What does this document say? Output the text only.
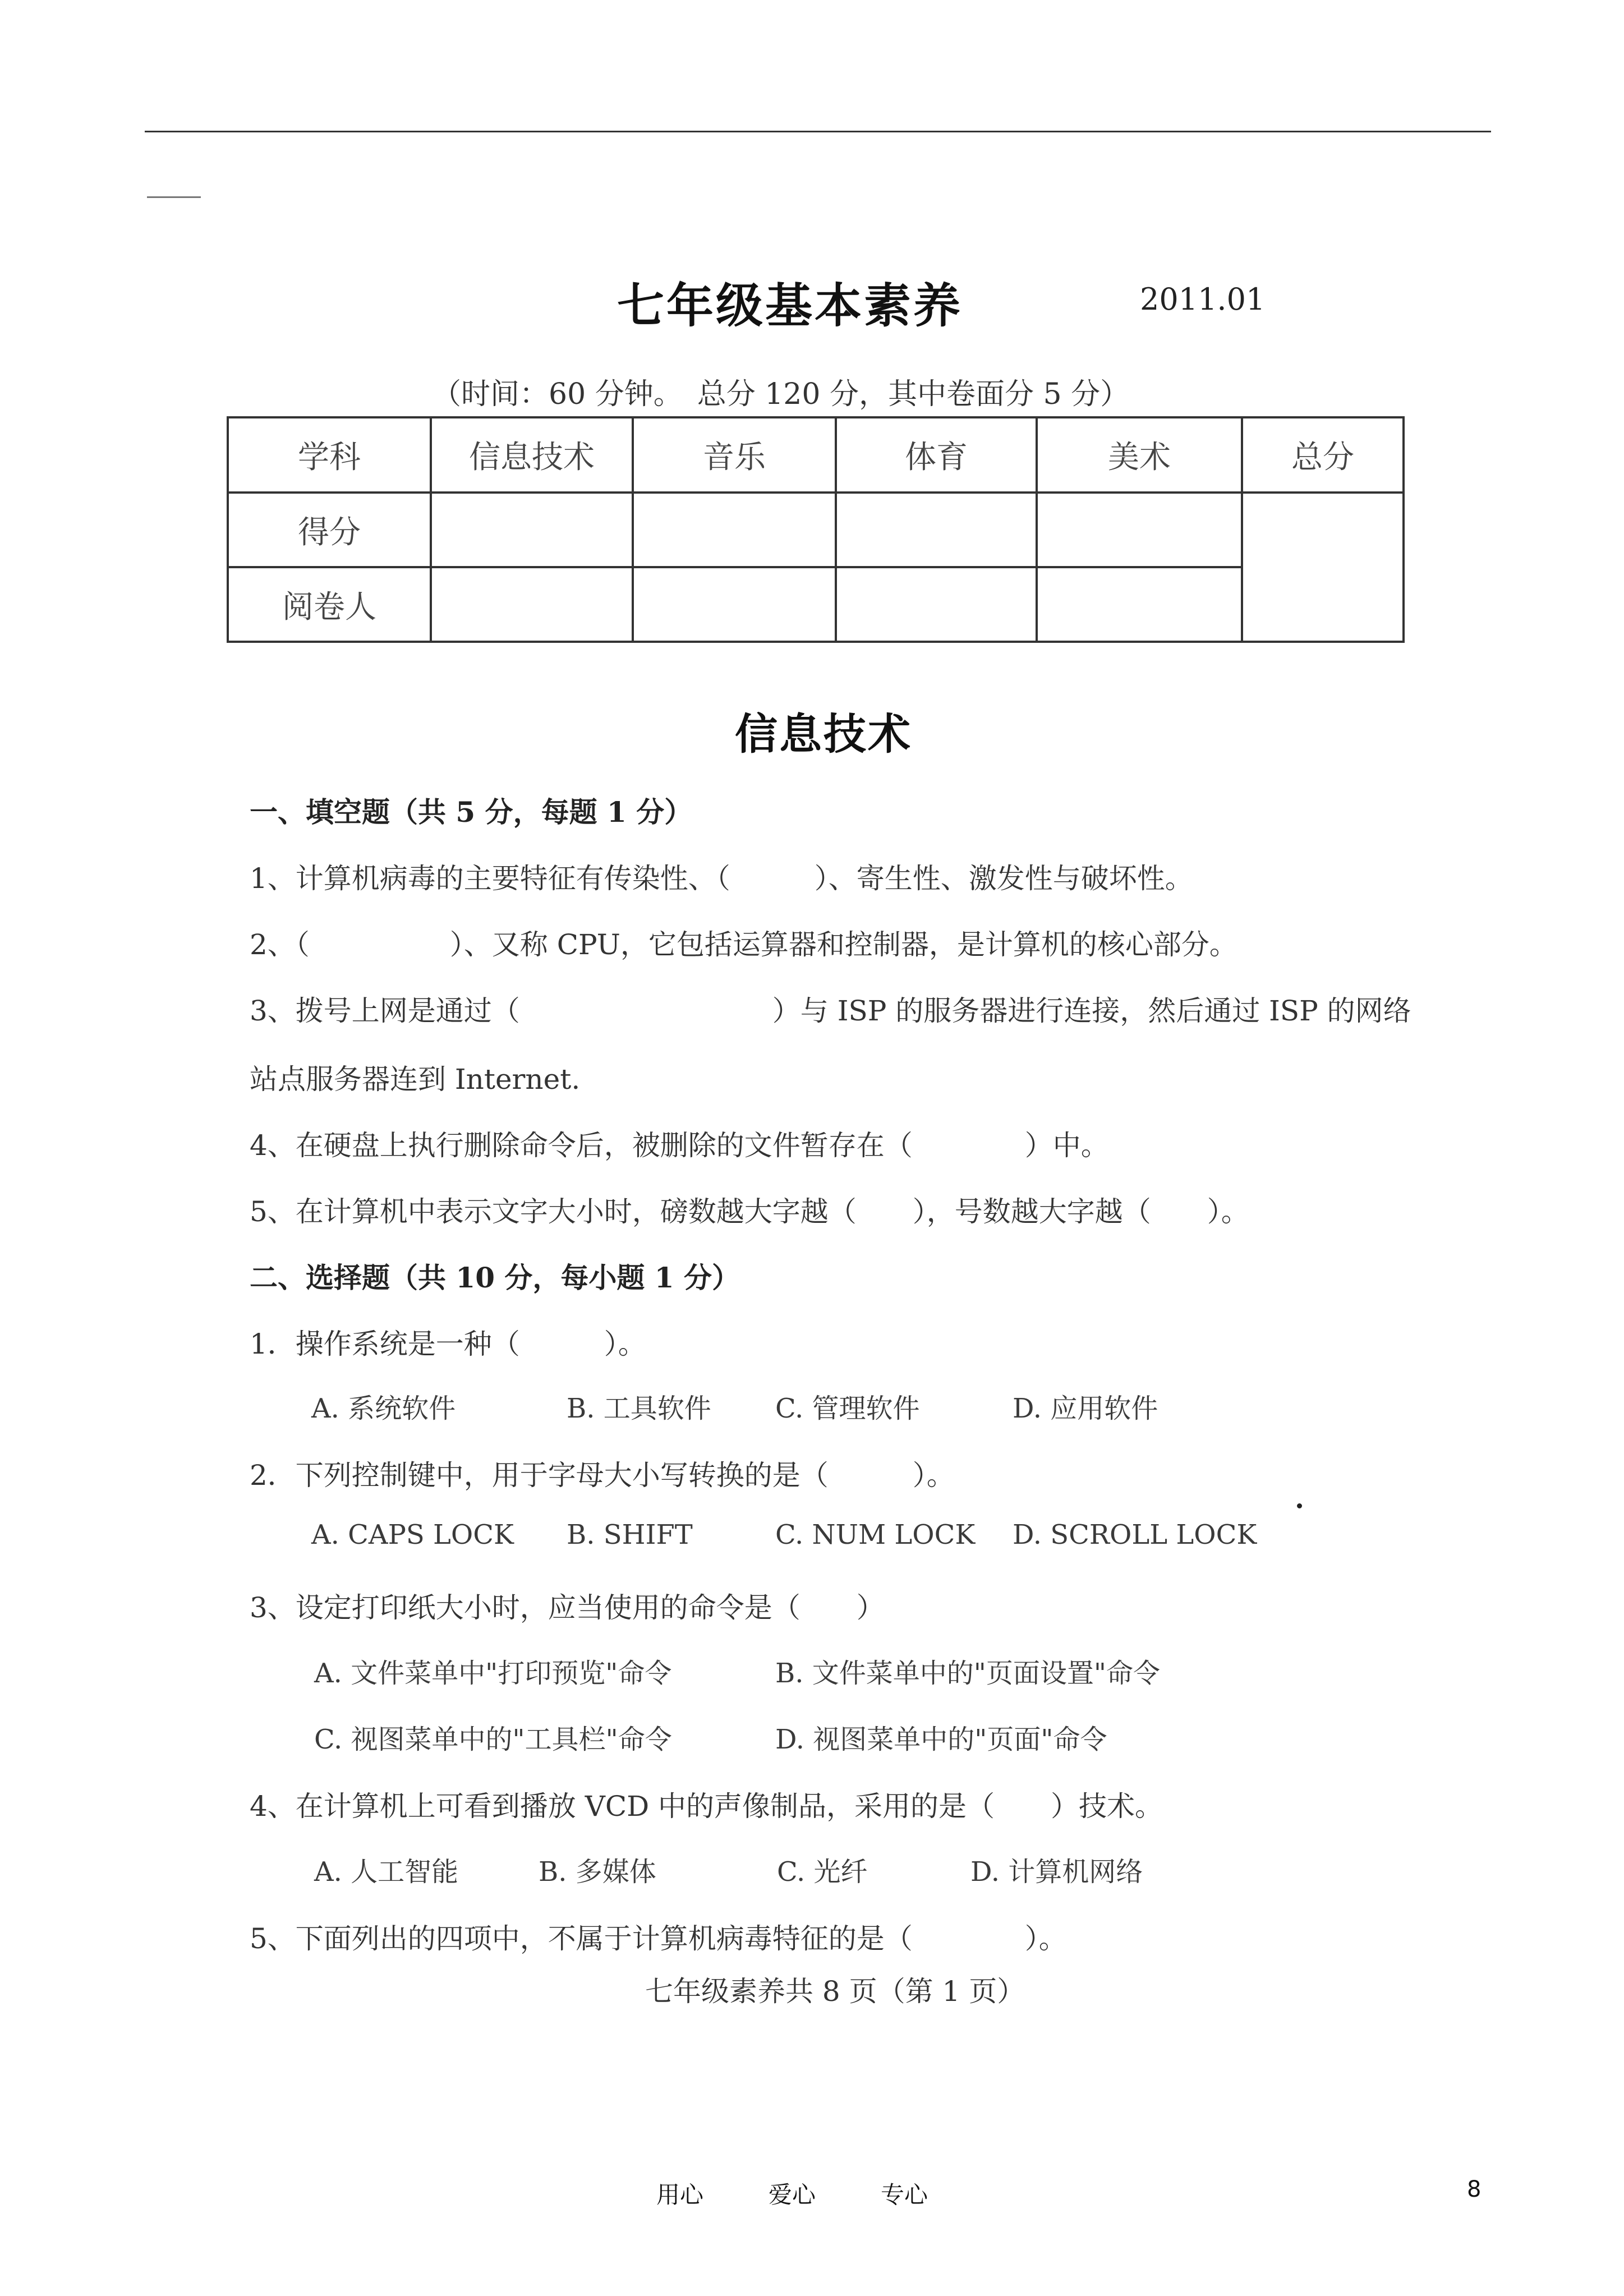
七年级基本素养	2011.01
（时间：60 分钟。　总分 120 分，其中卷面分 5 分）
学科	信息技术	音乐	体育	美术	总分
得分					
阅卷人					
信息技术
一、填空题（共 5 分，每题 1 分）
1、计算机病毒的主要特征有传染性、（　　　）、寄生性、激发性与破坏性。
2、（　　　　　）、又称 CPU，它包括运算器和控制器，是计算机的核心部分。
3、拨号上网是通过（　　　　　　　　　）与 ISP 的服务器进行连接，然后通过 ISP 的网络
站点服务器连到 Internet.
4、在硬盘上执行删除命令后，被删除的文件暂存在（　　　　）中。
5、在计算机中表示文字大小时，磅数越大字越（　　），号数越大字越（　　）。
二、选择题（共 10 分，每小题 1 分）
1．操作系统是一种（　　　）。
A. 系统软件	B. 工具软件 C. 管理软件	D. 应用软件
2．下列控制键中，用于字母大小写转换的是（　　　）。
A. CAPS LOCK B. SHIFT	C. NUM LOCK D. SCROLL LOCK
3、设定打印纸大小时，应当使用的命令是（　　）
A. 文件菜单中"打印预览"命令	B. 文件菜单中的"页面设置"命令
C. 视图菜单中的"工具栏"命令	D. 视图菜单中的"页面"命令
4、在计算机上可看到播放 VCD 中的声像制品，采用的是（　　）技术。
A. 人工智能	B. 多媒体	C. 光纤	D. 计算机网络
5、下面列出的四项中，不属于计算机病毒特征的是（　　　　）。
七年级素养共 8 页（第 1 页）
用心	爱心	专心	8
